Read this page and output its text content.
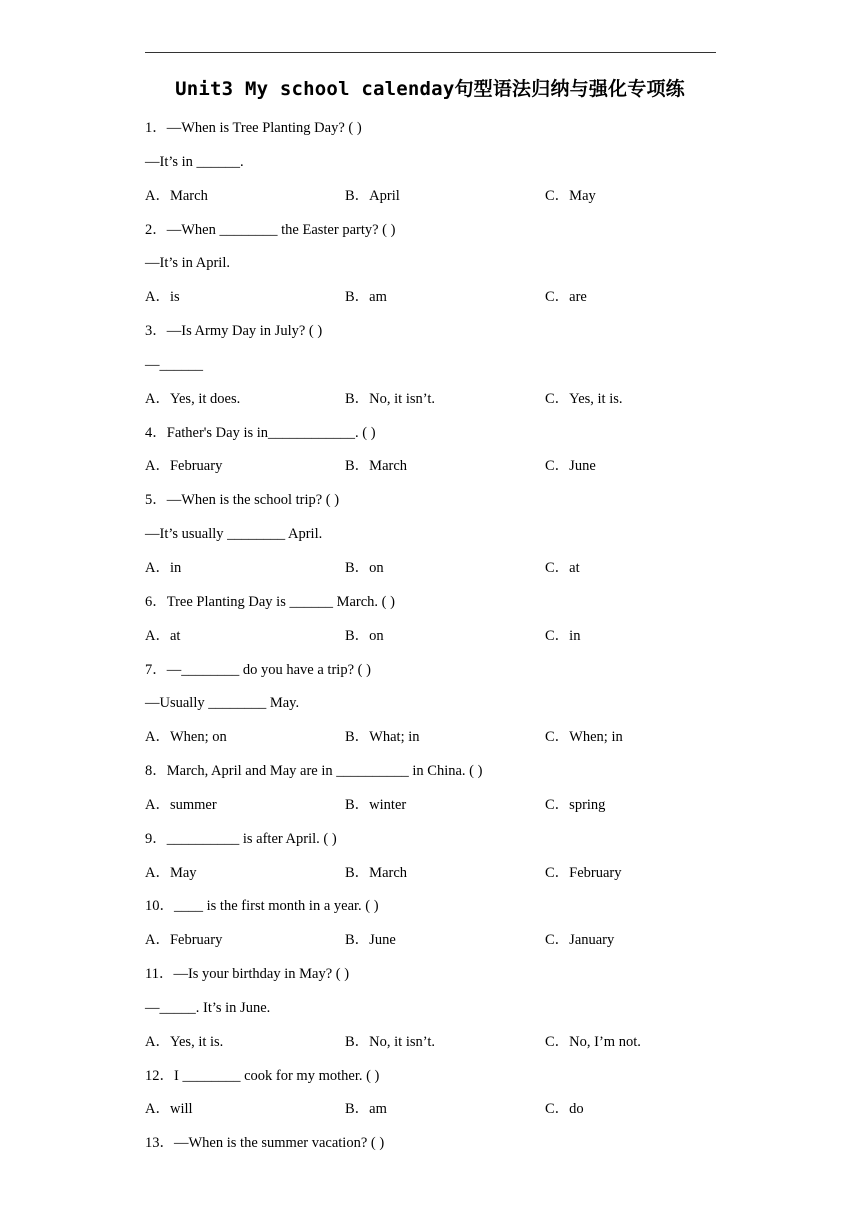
Unit3 My school calenday句型语法归纳与强化专项练
1．—When is Tree Planting Day? ( )
—It’s in ______.
A．March	B．April	C．May
2．—When ________ the Easter party? ( )
—It’s in April.
A．is	B．am	C．are
3．—Is Army Day in July? ( )
—______
A．Yes, it does.	B．No, it isn’t.	C．Yes, it is.
4．Father's Day is in____________. ( )
A．February	B．March	C．June
5．—When is the school trip? ( )
—It’s usually ________ April.
A．in	B．on	C．at
6．Tree Planting Day is ______ March. ( )
A．at	B．on	C．in
7．—________ do you have a trip? ( )
—Usually ________ May.
A．When; on	B．What; in	C．When; in
8．March, April and May are in __________ in China. ( )
A．summer	B．winter	C．spring
9．__________ is after April. ( )
A．May	B．March	C．February
10．____ is the first month in a year. ( )
A．February	B．June	C．January
11．—Is your birthday in May? ( )
—_____. It’s in June.
A．Yes, it is.	B．No, it isn’t.	C．No, I’m not.
12．I ________ cook for my mother. ( )
A．will	B．am	C．do
13．—When is the summer vacation? ( )
